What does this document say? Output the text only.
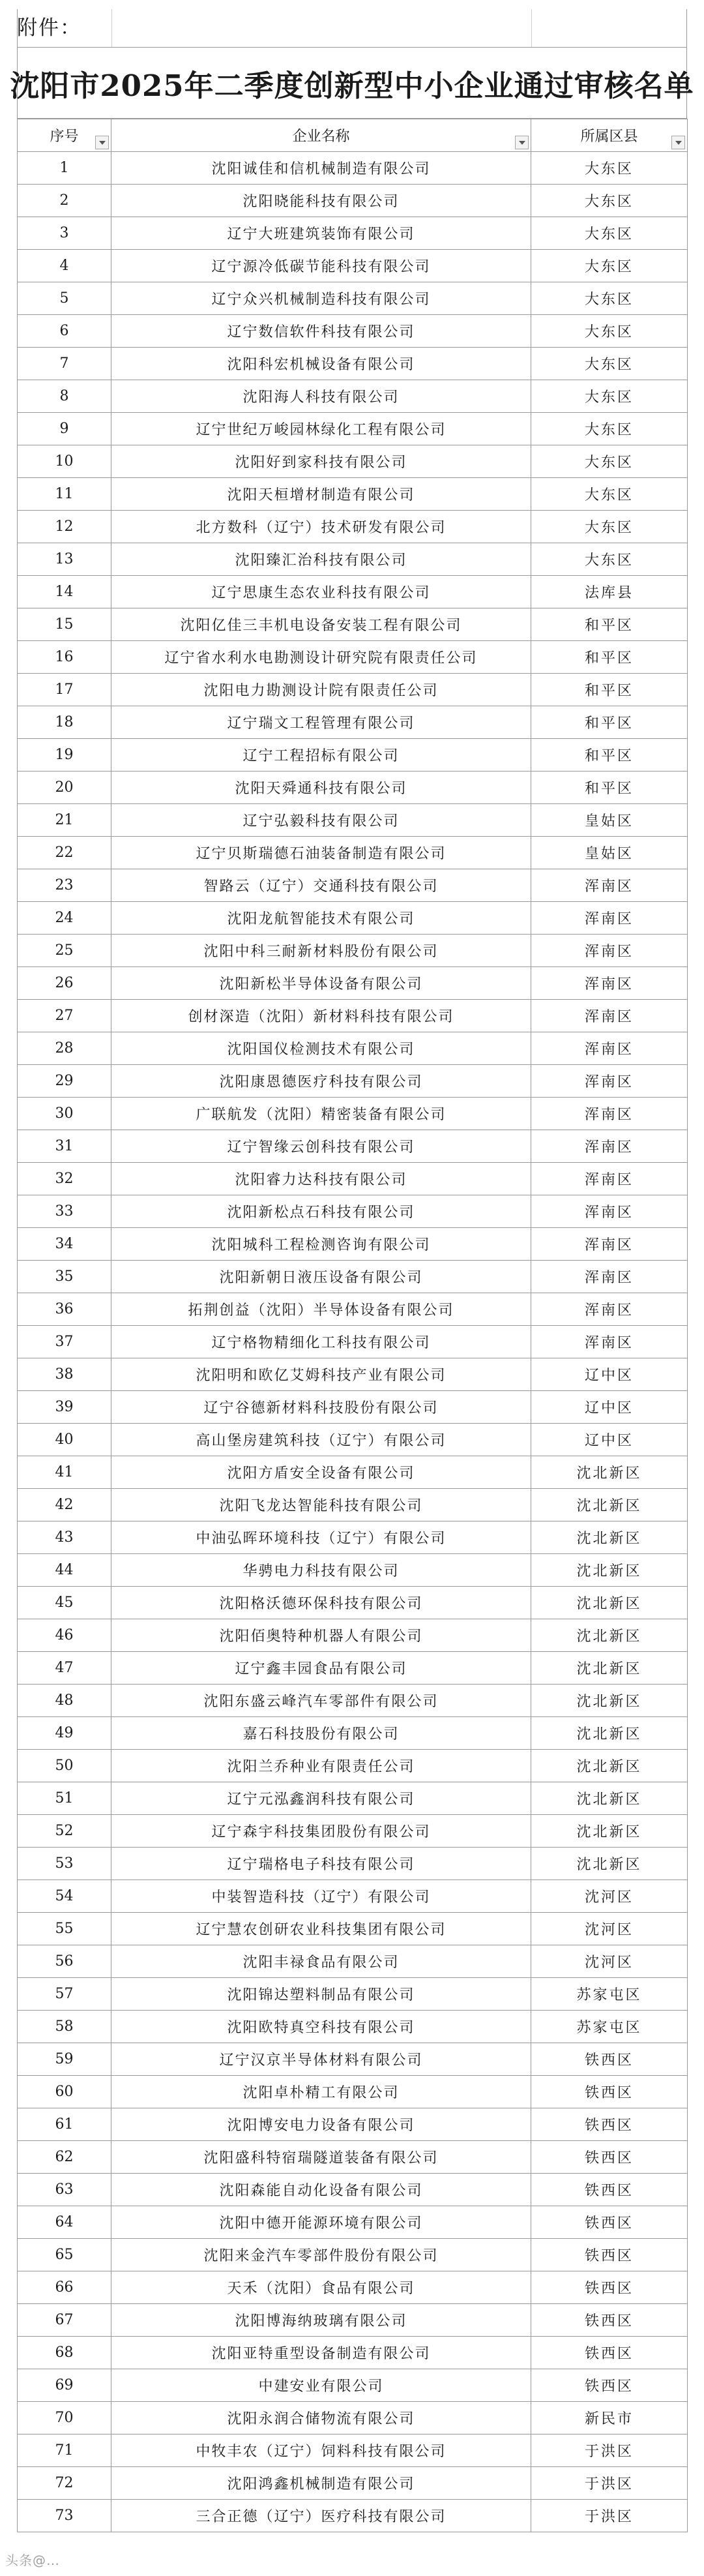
附件：
沈阳市2025年二季度创新型中小企业通过审核名单
序号	企业名称	所属区县

1	沈阳诚佳和信机械制造有限公司	大东区
2	沈阳晓能科技有限公司	大东区
3	辽宁大班建筑装饰有限公司	大东区
4	辽宁源冷低碳节能科技有限公司	大东区
5	辽宁众兴机械制造科技有限公司	大东区
6	辽宁数信软件科技有限公司	大东区
7	沈阳科宏机械设备有限公司	大东区
8	沈阳海人科技有限公司	大东区
9	辽宁世纪万峻园林绿化工程有限公司	大东区
10	沈阳好到家科技有限公司	大东区
11	沈阳天桓增材制造有限公司	大东区
12	北方数科（辽宁）技术研发有限公司	大东区
13	沈阳臻汇治科技有限公司	大东区
14	辽宁思康生态农业科技有限公司	法库县
15	沈阳亿佳三丰机电设备安装工程有限公司	和平区
16	辽宁省水利水电勘测设计研究院有限责任公司	和平区
17	沈阳电力勘测设计院有限责任公司	和平区
18	辽宁瑞文工程管理有限公司	和平区
19	辽宁工程招标有限公司	和平区
20	沈阳天舜通科技有限公司	和平区
21	辽宁弘毅科技有限公司	皇姑区
22	辽宁贝斯瑞德石油装备制造有限公司	皇姑区
23	智路云（辽宁）交通科技有限公司	浑南区
24	沈阳龙航智能技术有限公司	浑南区
25	沈阳中科三耐新材料股份有限公司	浑南区
26	沈阳新松半导体设备有限公司	浑南区
27	创材深造（沈阳）新材料科技有限公司	浑南区
28	沈阳国仪检测技术有限公司	浑南区
29	沈阳康恩德医疗科技有限公司	浑南区
30	广联航发（沈阳）精密装备有限公司	浑南区
31	辽宁智缘云创科技有限公司	浑南区
32	沈阳睿力达科技有限公司	浑南区
33	沈阳新松点石科技有限公司	浑南区
34	沈阳城科工程检测咨询有限公司	浑南区
35	沈阳新朝日液压设备有限公司	浑南区
36	拓荆创益（沈阳）半导体设备有限公司	浑南区
37	辽宁格物精细化工科技有限公司	浑南区
38	沈阳明和欧亿艾姆科技产业有限公司	辽中区
39	辽宁谷德新材料科技股份有限公司	辽中区
40	高山堡房建筑科技（辽宁）有限公司	辽中区
41	沈阳方盾安全设备有限公司	沈北新区
42	沈阳飞龙达智能科技有限公司	沈北新区
43	中油弘晖环境科技（辽宁）有限公司	沈北新区
44	华骋电力科技有限公司	沈北新区
45	沈阳格沃德环保科技有限公司	沈北新区
46	沈阳佰奥特种机器人有限公司	沈北新区
47	辽宁鑫丰园食品有限公司	沈北新区
48	沈阳东盛云峰汽车零部件有限公司	沈北新区
49	嘉石科技股份有限公司	沈北新区
50	沈阳兰乔种业有限责任公司	沈北新区
51	辽宁元泓鑫润科技有限公司	沈北新区
52	辽宁森宇科技集团股份有限公司	沈北新区
53	辽宁瑞格电子科技有限公司	沈北新区
54	中装智造科技（辽宁）有限公司	沈河区
55	辽宁慧农创研农业科技集团有限公司	沈河区
56	沈阳丰禄食品有限公司	沈河区
57	沈阳锦达塑料制品有限公司	苏家屯区
58	沈阳欧特真空科技有限公司	苏家屯区
59	辽宁汉京半导体材料有限公司	铁西区
60	沈阳卓朴精工有限公司	铁西区
61	沈阳博安电力设备有限公司	铁西区
62	沈阳盛科特宿瑞隧道装备有限公司	铁西区
63	沈阳森能自动化设备有限公司	铁西区
64	沈阳中德开能源环境有限公司	铁西区
65	沈阳来金汽车零部件股份有限公司	铁西区
66	天禾（沈阳）食品有限公司	铁西区
67	沈阳博海纳玻璃有限公司	铁西区
68	沈阳亚特重型设备制造有限公司	铁西区
69	中建安业有限公司	铁西区
70	沈阳永润合储物流有限公司	新民市
71	中牧丰农（辽宁）饲料科技有限公司	于洪区
72	沈阳鸿鑫机械制造有限公司	于洪区
73	三合正德（辽宁）医疗科技有限公司	于洪区
头条@…
